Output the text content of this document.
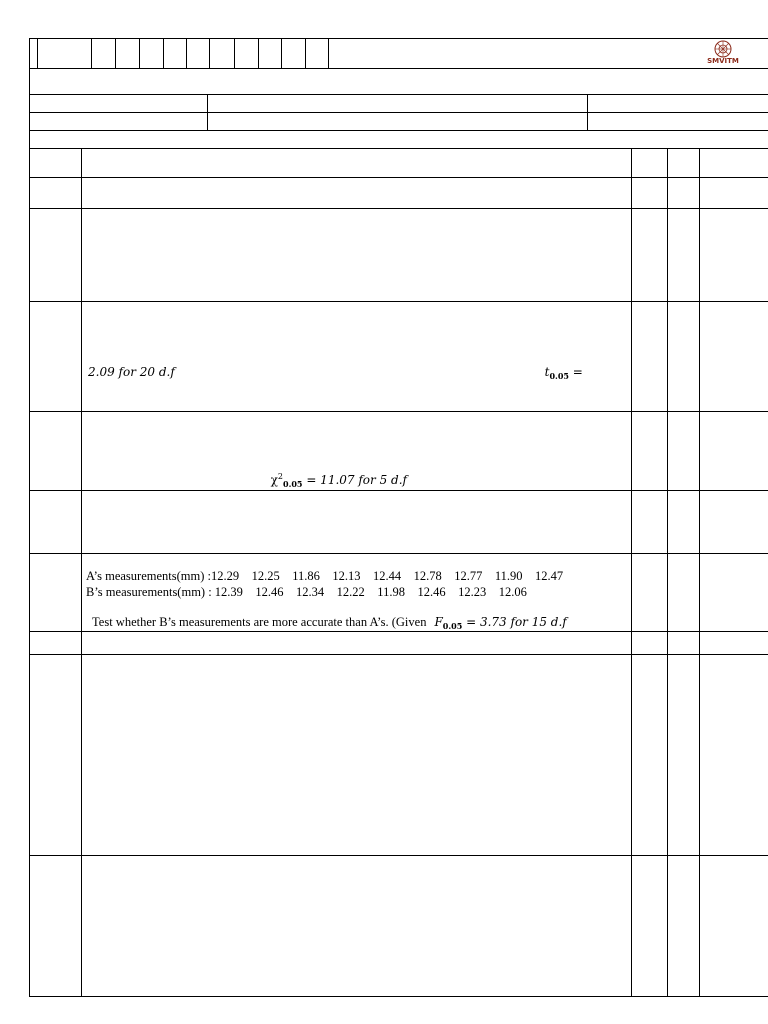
SMVITM

$t_{0.05}$ =

2.09 for 20 d.f

$\chi^2_{0.05} = 11.07$ for 5 d.f

A’s measurements(mm) :12.29    12.25    11.86    12.13    12.44    12.78    12.77    11.90    12.47
B’s measurements(mm) : 12.39    12.46    12.34    12.22    11.98    12.46    12.23    12.06

Test whether B’s measurements are more accurate than A’s. (Given $F_{0.05} = 3.73$ for 15 d.f
